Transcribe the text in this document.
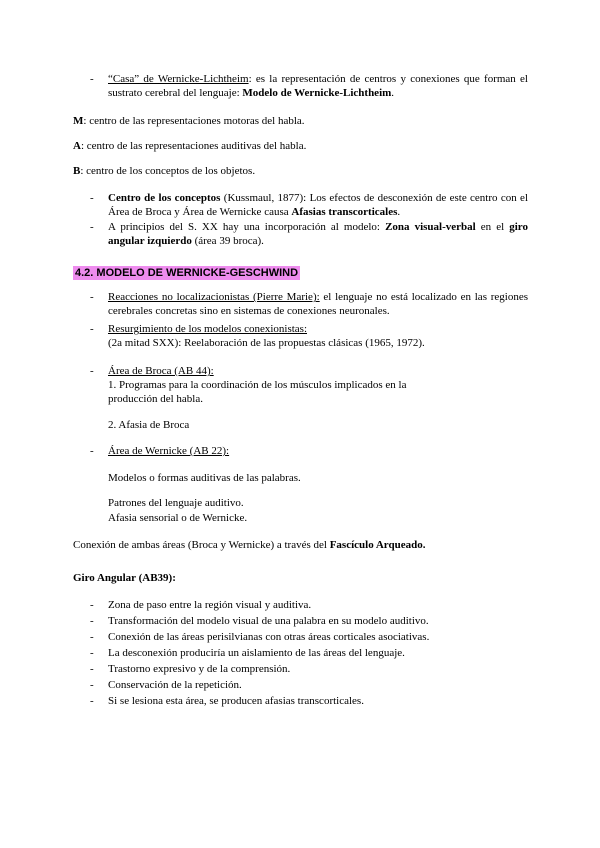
-	“Casa” de Wernicke-Lichtheim: es la representación de centros y conexiones que forman el sustrato cerebral del lenguaje: Modelo de Wernicke-Lichtheim.
M: centro de las representaciones motoras del habla.
A: centro de las representaciones auditivas del habla.
B: centro de los conceptos de los objetos.
-	Centro de los conceptos (Kussmaul, 1877): Los efectos de desconexión de este centro con el Área de Broca y Área de Wernicke causa Afasias transcorticales.
-	A principios del S. XX hay una incorporación al modelo: Zona visual-verbal en el giro angular izquierdo (área 39 broca).
4.2. MODELO DE WERNICKE-GESCHWIND
-	Reacciones no localizacionistas (Pierre Marie): el lenguaje no está localizado en las regiones cerebrales concretas sino en sistemas de conexiones neuronales.
-	Resurgimiento de los modelos conexionistas:
(2a mitad SXX): Reelaboración de las propuestas clásicas (1965, 1972).
-	Área de Broca (AB 44):
1. Programas para la coordinación de los músculos implicados en la
producción del habla.
2. Afasia de Broca
-	Área de Wernicke (AB 22):
Modelos o formas auditivas de las palabras.
Patrones del lenguaje auditivo.
Afasia sensorial o de Wernicke.
Conexión de ambas áreas (Broca y Wernicke) a través del Fascículo Arqueado.
Giro Angular (AB39):
-	Zona de paso entre la región visual y auditiva.
-	Transformación del modelo visual de una palabra en su modelo auditivo.
-	Conexión de las áreas perisilvianas con otras áreas corticales asociativas.
-	La desconexión produciría un aislamiento de las áreas del lenguaje.
-	Trastorno expresivo y de la comprensión.
-	Conservación de la repetición.
-	Si se lesiona esta área, se producen afasias transcorticales.
